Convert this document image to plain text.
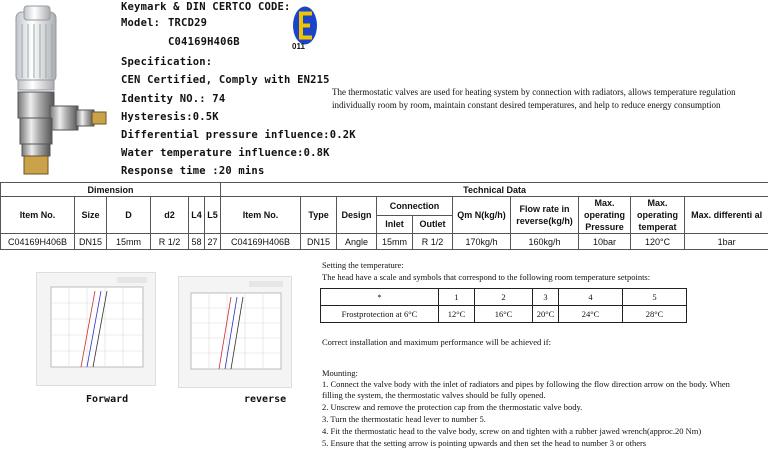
Keymark & DIN CERTCO CODE:
Model: TRCD29
C04169H406B
Specification:
CEN Certified, Comply with EN215
Identity NO.: 74
Hysteresis:0.5K
Differential pressure influence:0.2K
Water temperature influence:0.8K
Response time :20 mins
011
The thermostatic valves are used for heating system by connection with radiators, allows temperature regulation individually room by room, maintain constant desired temperatures, and help to reduce energy consumption
Dimension						Technical Data									
Item No.	Size	D	d2	L4	L5	Item No.	Type	Design	Connection		Qm N(kg/h)	Flow rate in reverse(kg/h)	Max. operating Pressure	Max. operating temperat	Max. differenti al
									Inlet	Outlet					
C04169H406B	DN15	15mm	R 1/2	58	27	C04169H406B	DN15	Angle	15mm	R 1/2	170kg/h	160kg/h	10bar	120°C	1bar
Forward	reverse
Setting the temperature:
The head have a scale and symbols that correspond to the following room temperature setpoints:
*	1	2	3	4	5
Frostprotection at 6°C	12°C	16°C	20°C	24°C	28°C
Correct installation and maximum performance will be achieved if:
Mounting:
1. Connect the valve body with the inlet of radiators and pipes by following the flow direction arrow on the body. When
filling the system, the thermostatic valves should be fully opened.
2. Unscrew and remove the protection cap from the thermostatic valve body.
3. Turn the thermostatic head lever to number 5.
4. Fit the thermostatic head to the valve body, screw on and tighten with a rubber jawed wrench(approc.20 Nm)
5. Ensure that the setting arrow is pointing upwards and then set the head to number 3 or others
